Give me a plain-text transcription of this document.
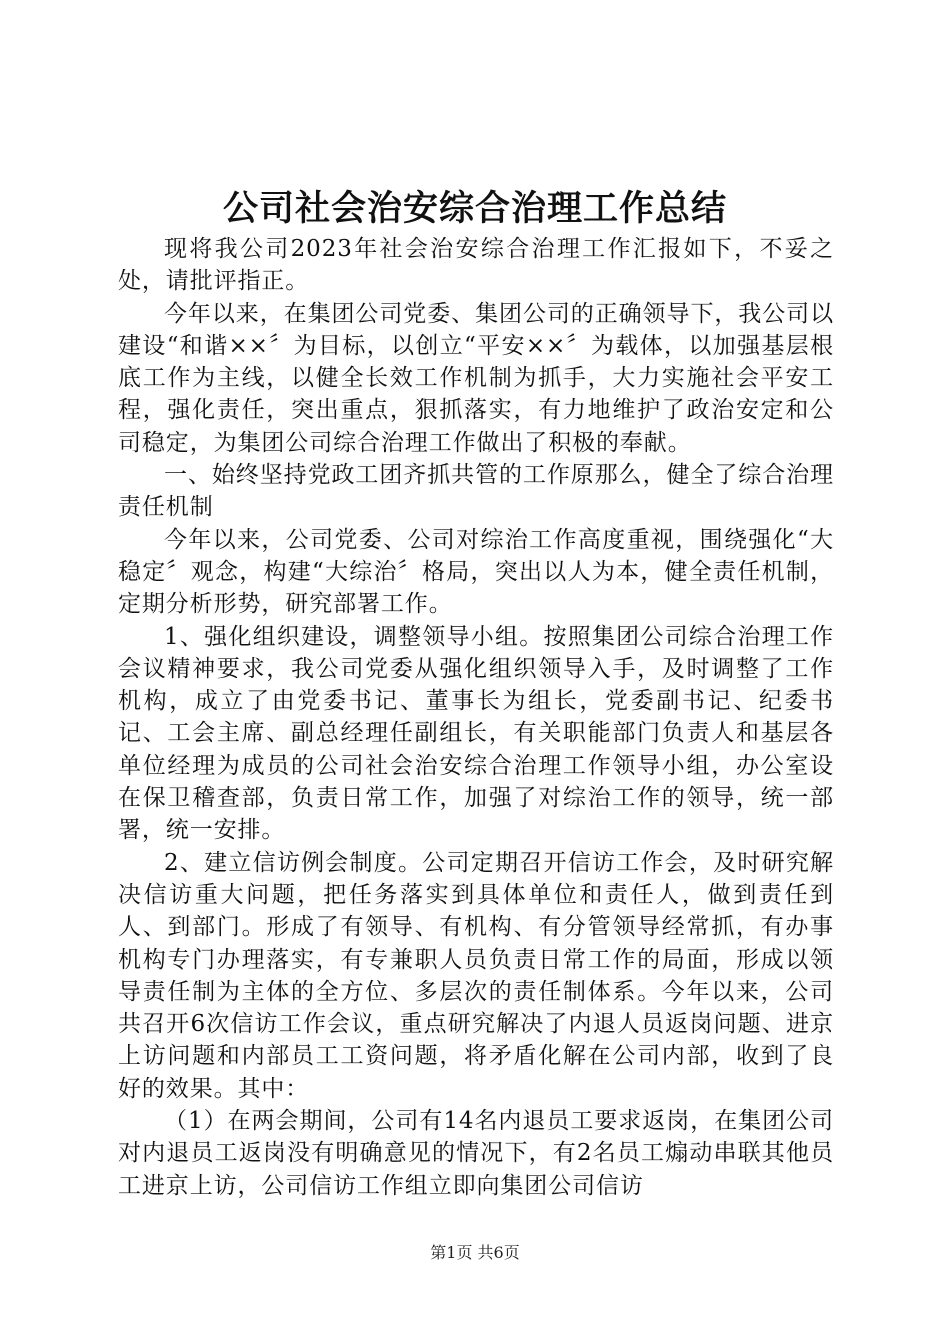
公司社会治安综合治理工作总结

现将我公司2023年社会治安综合治理工作汇报如下，不妥之处，请批评指正。

今年以来，在集团公司党委、集团公司的正确领导下，我公司以建设“和谐××〞为目标，以创立“平安××〞为载体，以加强基层根底工作为主线，以健全长效工作机制为抓手，大力实施社会平安工程，强化责任，突出重点，狠抓落实，有力地维护了政治安定和公司稳定，为集团公司综合治理工作做出了积极的奉献。

一、始终坚持党政工团齐抓共管的工作原那么，健全了综合治理责任机制

今年以来，公司党委、公司对综治工作高度重视，围绕强化“大稳定〞观念，构建“大综治〞格局，突出以人为本，健全责任机制，定期分析形势，研究部署工作。

1、强化组织建设，调整领导小组。按照集团公司综合治理工作会议精神要求，我公司党委从强化组织领导入手，及时调整了工作机构，成立了由党委书记、董事长为组长，党委副书记、纪委书记、工会主席、副总经理任副组长，有关职能部门负责人和基层各单位经理为成员的公司社会治安综合治理工作领导小组，办公室设在保卫稽查部，负责日常工作，加强了对综治工作的领导，统一部署，统一安排。

2、建立信访例会制度。公司定期召开信访工作会，及时研究解决信访重大问题，把任务落实到具体单位和责任人，做到责任到人、到部门。形成了有领导、有机构、有分管领导经常抓，有办事机构专门办理落实，有专兼职人员负责日常工作的局面，形成以领导责任制为主体的全方位、多层次的责任制体系。今年以来，公司共召开6次信访工作会议，重点研究解决了内退人员返岗问题、进京上访问题和内部员工工资问题，将矛盾化解在公司内部，收到了良好的效果。其中：

（1）在两会期间，公司有14名内退员工要求返岗，在集团公司对内退员工返岗没有明确意见的情况下，有2名员工煽动串联其他员工进京上访，公司信访工作组立即向集团公司信访

第1页 共6页
